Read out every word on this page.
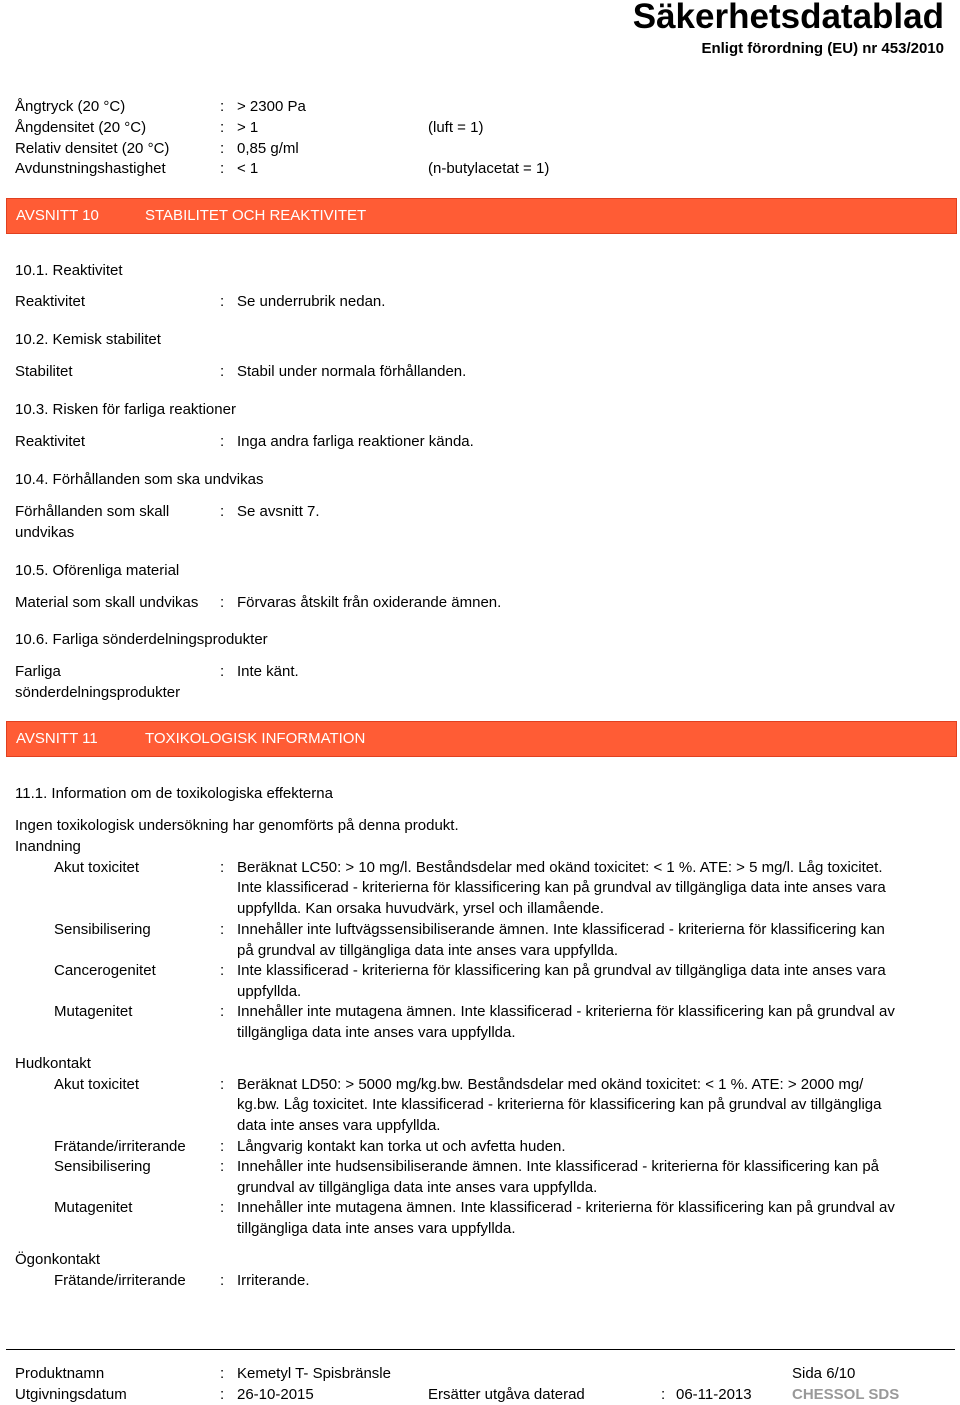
Säkerhetsdatablad
Enligt förordning (EU) nr 453/2010
Ångtryck (20 °C)	: > 2300 Pa
Ångdensitet (20 °C)	: > 1	(luft = 1)
Relativ densitet (20 °C)	: 0,85 g/ml
Avdunstningshastighet	: < 1	(n-butylacetat = 1)
AVSNITT 10	STABILITET OCH REAKTIVITET
10.1. Reaktivitet
Reaktivitet	: Se underrubrik nedan.
10.2. Kemisk stabilitet
Stabilitet	: Stabil under normala förhållanden.
10.3. Risken för farliga reaktioner
Reaktivitet	: Inga andra farliga reaktioner kända.
10.4. Förhållanden som ska undvikas
Förhållanden som skall
undvikas
: Se avsnitt 7.
10.5. Oförenliga material
Material som skall undvikas : Förvaras åtskilt från oxiderande ämnen.
10.6. Farliga sönderdelningsprodukter
Farliga
sönderdelningsprodukter
: Inte känt.
AVSNITT 11	TOXIKOLOGISK INFORMATION
11.1. Information om de toxikologiska effekterna
Ingen toxikologisk undersökning har genomförts på denna produkt.
Inandning
Akut toxicitet	: Beräknat LC50: > 10 mg/l. Beståndsdelar med okänd toxicitet: < 1 %. ATE: > 5 mg/l. Låg toxicitet.
Inte klassificerad - kriterierna för klassificering kan på grundval av tillgängliga data inte anses vara
uppfyllda. Kan orsaka huvudvärk, yrsel och illamående.
Sensibilisering	: Innehåller inte luftvägssensibiliserande ämnen. Inte klassificerad - kriterierna för klassificering kan
på grundval av tillgängliga data inte anses vara uppfyllda.
Cancerogenitet	: Inte klassificerad - kriterierna för klassificering kan på grundval av tillgängliga data inte anses vara
uppfyllda.
Mutagenitet	: Innehåller inte mutagena ämnen. Inte klassificerad - kriterierna för klassificering kan på grundval av
tillgängliga data inte anses vara uppfyllda.
Hudkontakt
Akut toxicitet	: Beräknat LD50: > 5000 mg/kg.bw. Beståndsdelar med okänd toxicitet: < 1 %. ATE: > 2000 mg/
kg.bw. Låg toxicitet. Inte klassificerad - kriterierna för klassificering kan på grundval av tillgängliga
data inte anses vara uppfyllda.
Frätande/irriterande : Långvarig kontakt kan torka ut och avfetta huden.
Sensibilisering	: Innehåller inte hudsensibiliserande ämnen. Inte klassificerad - kriterierna för klassificering kan på
grundval av tillgängliga data inte anses vara uppfyllda.
Mutagenitet	: Innehåller inte mutagena ämnen. Inte klassificerad - kriterierna för klassificering kan på grundval av
tillgängliga data inte anses vara uppfyllda.
Ögonkontakt
Frätande/irriterande : Irriterande.
Produktnamn	: Kemetyl T- Spisbränsle	Sida 6/10
Utgivningsdatum	: 26-10-2015	Ersätter utgåva daterad	: 06-11-2013	CHESSOL SDS
